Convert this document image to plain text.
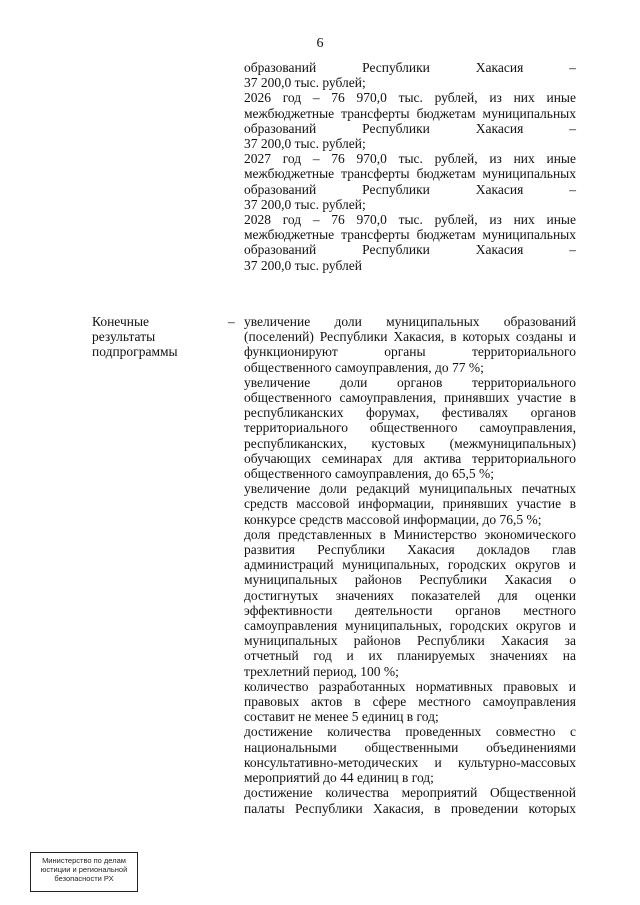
6
образований Республики Хакасия –
37 200,0 тыс. рублей;
2026 год – 76 970,0 тыс. рублей, из них иные
межбюджетные трансферты бюджетам муниципальных
образований Республики Хакасия –
37 200,0 тыс. рублей;
2027 год – 76 970,0 тыс. рублей, из них иные
межбюджетные трансферты бюджетам муниципальных
образований Республики Хакасия –
37 200,0 тыс. рублей;
2028 год – 76 970,0 тыс. рублей, из них иные
межбюджетные трансферты бюджетам муниципальных
образований Республики Хакасия –
37 200,0 тыс. рублей
Конечные
результаты
подпрограммы
– увеличение доли муниципальных образований
(поселений) Республики Хакасия, в которых созданы и
функционируют органы территориального
общественного самоуправления, до 77 %;
увеличение доли органов территориального
общественного самоуправления, принявших участие в
республиканских форумах, фестивалях органов
территориального общественного самоуправления,
республиканских, кустовых (межмуниципальных)
обучающих семинарах для актива территориального
общественного самоуправления, до 65,5 %;
увеличение доли редакций муниципальных печатных
средств массовой информации, принявших участие в
конкурсе средств массовой информации, до 76,5 %;
доля представленных в Министерство экономического
развития Республики Хакасия докладов глав
администраций муниципальных, городских округов и
муниципальных районов Республики Хакасия о
достигнутых значениях показателей для оценки
эффективности деятельности органов местного
самоуправления муниципальных, городских округов и
муниципальных районов Республики Хакасия за
отчетный год и их планируемых значениях на
трехлетний период, 100 %;
количество разработанных нормативных правовых и
правовых актов в сфере местного самоуправления
составит не менее 5 единиц в год;
достижение количества проведенных совместно с
национальными общественными объединениями
консультативно-методических и культурно-массовых
мероприятий до 44 единиц в год;
достижение количества мероприятий Общественной
палаты Республики Хакасия, в проведении которых
Министерство по делам
юстиции и региональной
безопасности РХ
